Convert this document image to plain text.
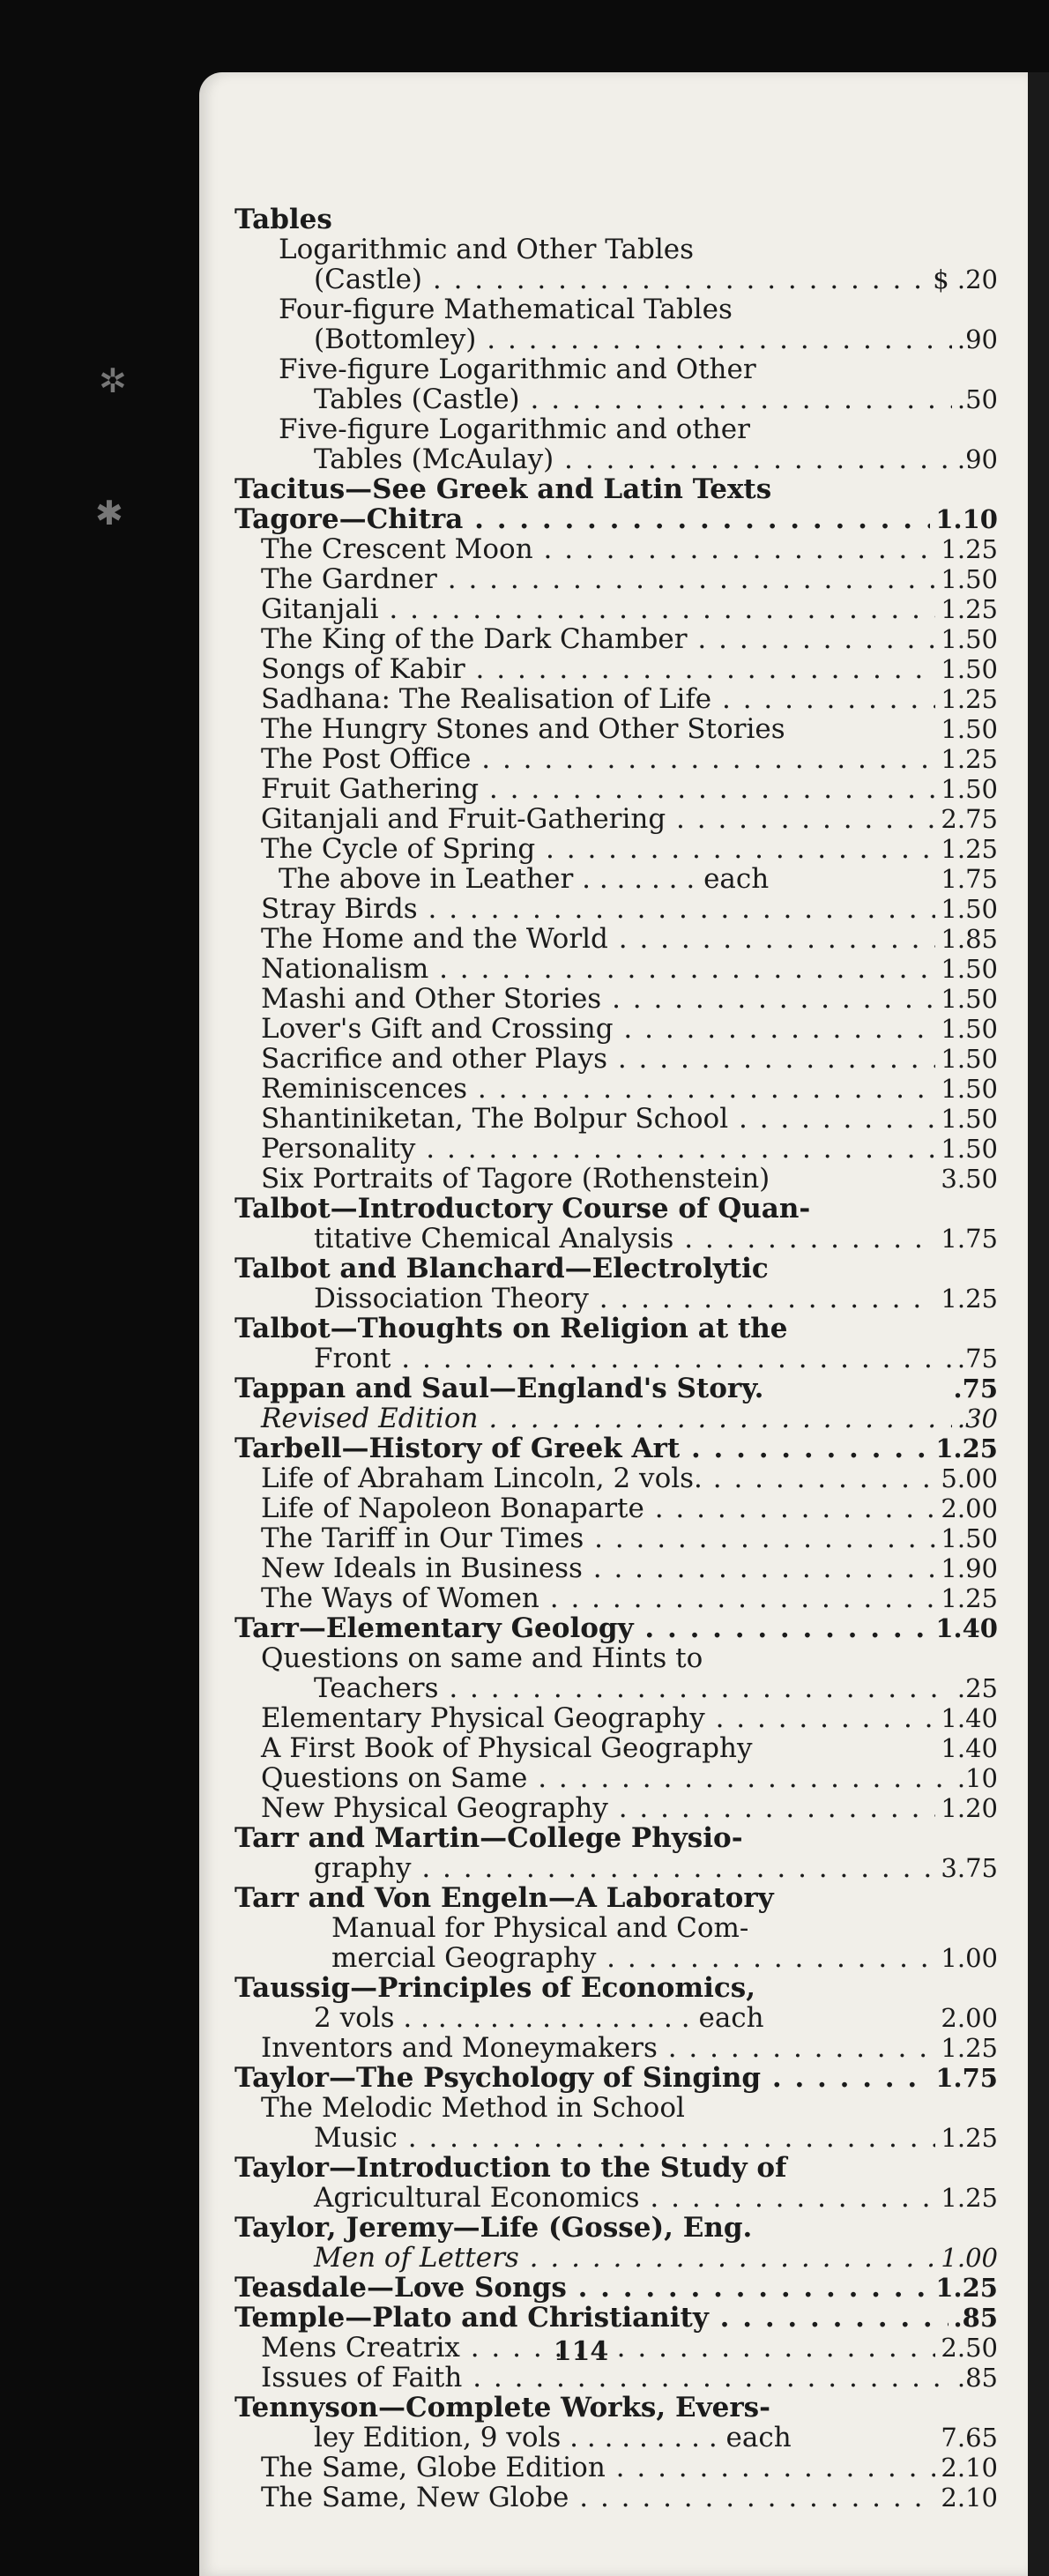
Tables
Logarithmic and Other Tables
(Castle) . . .	$ .20
Four-figure Mathematical Tables
(Bottomley) . . .	.90
Five-figure Logarithmic and Other
Tables (Castle) . . .	.50
Five-figure Logarithmic and other
Tables (McAulay) . . .	.90
Tacitus—See Greek and Latin Texts
Tagore—Chitra . . .	1.10
The Crescent Moon . . .	1.25
The Gardner . . .	1.50
Gitanjali . . .	1.25
The King of the Dark Chamber . . .	1.50
Songs of Kabir . . .	1.50
Sadhana: The Realisation of Life . . .	1.25
The Hungry Stones and Other Stories	1.50
The Post Office . . .	1.25
Fruit Gathering . . .	1.50
Gitanjali and Fruit-Gathering . . .	2.75
The Cycle of Spring . . .	1.25
The above in Leather . . . . . . . each	1.75
Stray Birds . . .	1.50
The Home and the World . . .	1.85
Nationalism . . .	1.50
Mashi and Other Stories . . .	1.50
Lover's Gift and Crossing . . .	1.50
Sacrifice and other Plays . . .	1.50
Reminiscences . . .	1.50
Shantiniketan, The Bolpur School . . .	1.50
Personality . . .	1.50
Six Portraits of Tagore (Rothenstein)	3.50
Talbot—Introductory Course of Quan-
titative Chemical Analysis . . .	1.75
Talbot and Blanchard—Electrolytic
Dissociation Theory . . .	1.25
Talbot—Thoughts on Religion at the
Front . . .	.75
Tappan and Saul—England's Story.	.75
Revised Edition . . .	.30
Tarbell—History of Greek Art . . .	1.25
Life of Abraham Lincoln, 2 vols. . . .	5.00
Life of Napoleon Bonaparte . . .	2.00
The Tariff in Our Times . . .	1.50
New Ideals in Business . . .	1.90
The Ways of Women . . .	1.25
Tarr—Elementary Geology . . .	1.40
Questions on same and Hints to
Teachers . . .	.25
Elementary Physical Geography . . .	1.40
A First Book of Physical Geography	1.40
Questions on Same . . .	.10
New Physical Geography . . .	1.20
Tarr and Martin—College Physio-
graphy . . .	3.75
Tarr and Von Engeln—A Laboratory
Manual for Physical and Com-
mercial Geography . . .	1.00
Taussig—Principles of Economics,
2 vols . . . . . . . . . . . . . . . . . each	2.00
Inventors and Moneymakers . . .	1.25
Taylor—The Psychology of Singing . . .	1.75
The Melodic Method in School
Music . . .	1.25
Taylor—Introduction to the Study of
Agricultural Economics . . .	1.25
Taylor, Jeremy—Life (Gosse), Eng.
Men of Letters . . .	1.00
Teasdale—Love Songs . . .	1.25
Temple—Plato and Christianity . . .	.85
Mens Creatrix . . .	2.50
Issues of Faith . . .	.85
Tennyson—Complete Works, Evers-
ley Edition, 9 vols . . . . . . . . . each	7.65
The Same, Globe Edition . . .	2.10
The Same, New Globe . . .	2.10
114
✲
✱
